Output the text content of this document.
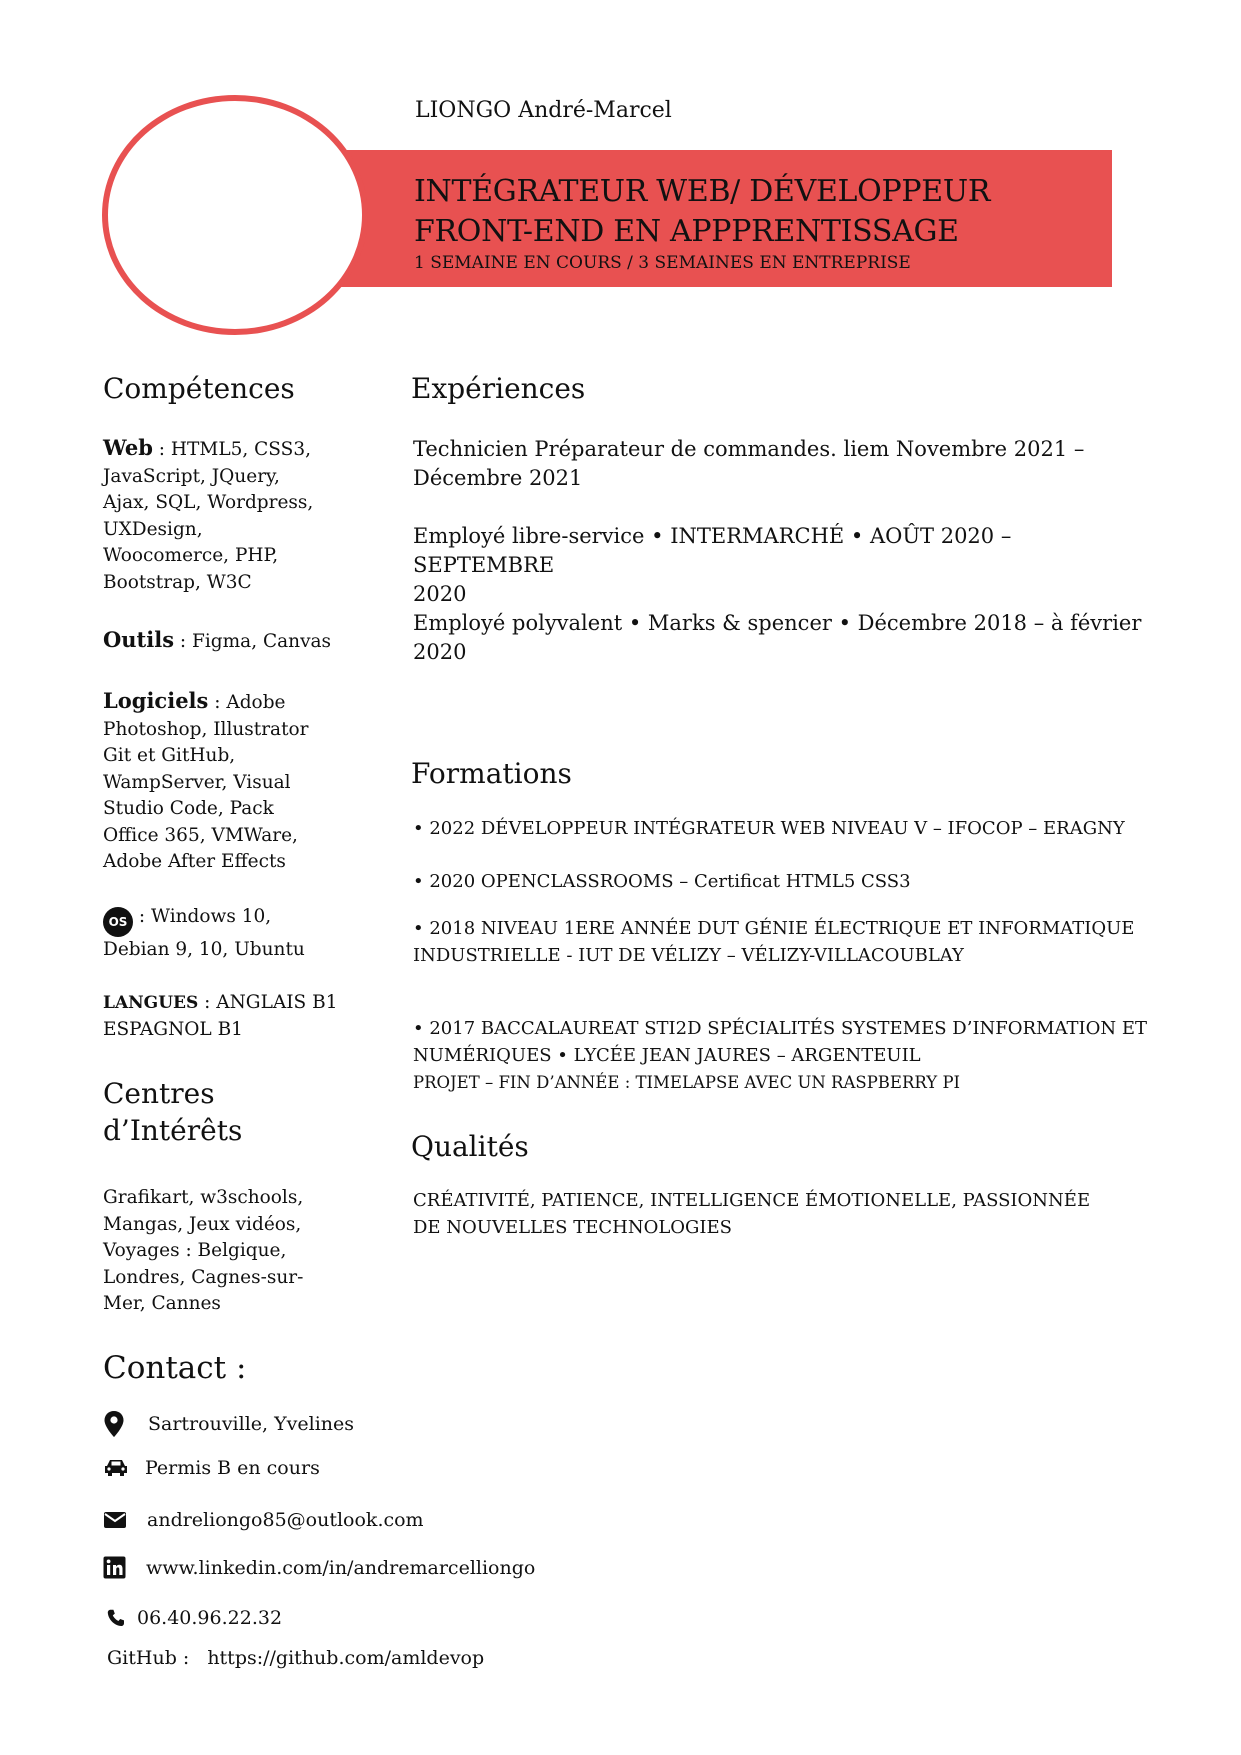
LIONGO André-Marcel
INTÉGRATEUR WEB/ DÉVELOPPEUR
FRONT-END EN APPPRENTISSAGE
1 SEMAINE EN COURS / 3 SEMAINES EN ENTREPRISE
Compétences
Web : HTML5, CSS3,
JavaScript, JQuery,
Ajax, SQL, Wordpress,
UXDesign,
Woocomerce, PHP,
Bootstrap, W3C
Outils : Figma, Canvas
Logiciels : Adobe
Photoshop, Illustrator
Git et GitHub,
WampServer, Visual
Studio Code, Pack
Office 365, VMWare,
Adobe After Effects
OS : Windows 10,
Debian 9, 10, Ubuntu
LANGUES : ANGLAIS B1
ESPAGNOL B1
Centres
d’Intérêts
Grafikart, w3schools,
Mangas, Jeux vidéos,
Voyages : Belgique,
Londres, Cagnes-sur-
Mer, Cannes
Contact :
Sartrouville, Yvelines
Permis B en cours
andreliongo85@outlook.com
www.linkedin.com/in/andremarcelliongo
06.40.96.22.32
GitHub : https://github.com/amldevop
Expériences
Technicien Préparateur de commandes. liem Novembre 2021 –
Décembre 2021
Employé libre-service • INTERMARCHÉ • AOÛT 2020 – SEPTEMBRE
2020
Employé polyvalent • Marks & spencer • Décembre 2018 – à février
2020
Formations
• 2022 DÉVELOPPEUR INTÉGRATEUR WEB NIVEAU V – IFOCOP – ERAGNY
• 2020 OPENCLASSROOMS – Certificat HTML5 CSS3
• 2018 NIVEAU 1ERE ANNÉE DUT GÉNIE ÉLECTRIQUE ET INFORMATIQUE
INDUSTRIELLE - IUT DE VÉLIZY – VÉLIZY-VILLACOUBLAY
• 2017 BACCALAUREAT STI2D SPÉCIALITÉS SYSTEMES D’INFORMATION ET
NUMÉRIQUES • LYCÉE JEAN JAURES – ARGENTEUIL
PROJET – FIN D’ANNÉE : TIMELAPSE AVEC UN RASPBERRY PI
Qualités
CRÉATIVITÉ, PATIENCE, INTELLIGENCE ÉMOTIONELLE, PASSIONNÉE
DE NOUVELLES TECHNOLOGIES
